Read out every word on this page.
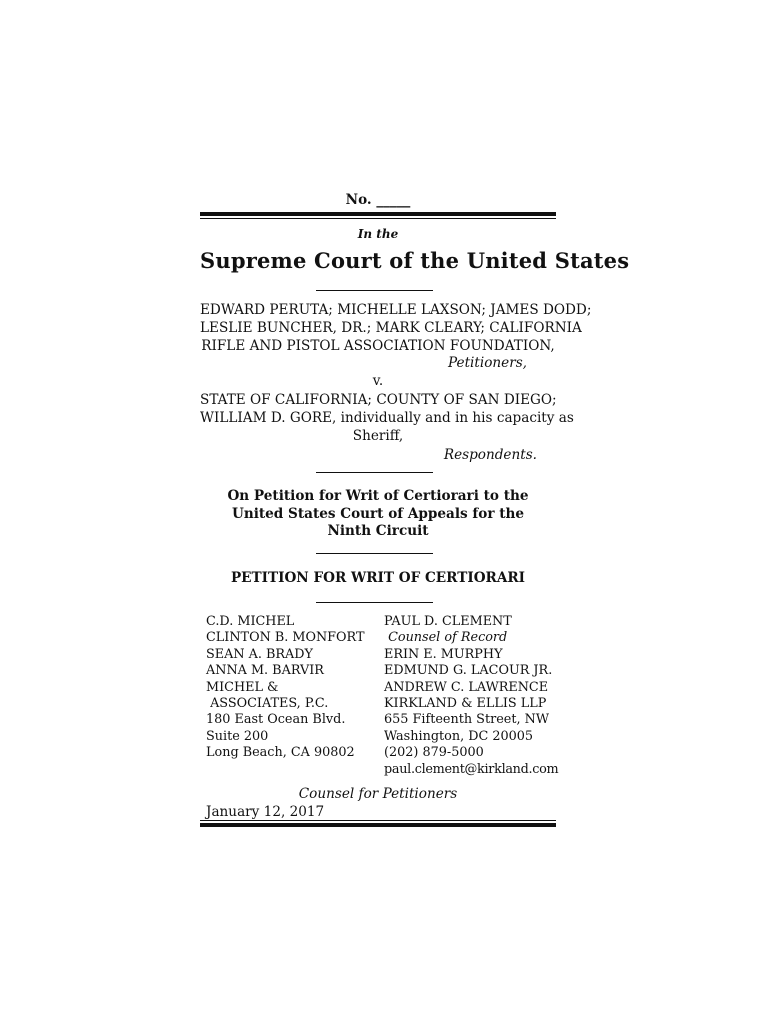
No. _____
In the
Supreme Court of the United States
EDWARD PERUTA; MICHELLE LAXSON; JAMES DODD;
LESLIE BUNCHER, DR.; MARK CLEARY; CALIFORNIA
RIFLE AND PISTOL ASSOCIATION FOUNDATION,
Petitioners,
v.
STATE OF CALIFORNIA; COUNTY OF SAN DIEGO;
WILLIAM D. GORE, individually and in his capacity as
Sheriff,
Respondents.
On Petition for Writ of Certiorari to the
United States Court of Appeals for the
Ninth Circuit
PETITION FOR WRIT OF CERTIORARI
C.D. MICHEL
CLINTON B. MONFORT
SEAN A. BRADY
ANNA M. BARVIR
MICHEL &
ASSOCIATES, P.C.
180 East Ocean Blvd.
Suite 200
Long Beach, CA 90802
PAUL D. CLEMENT
Counsel of Record
ERIN E. MURPHY
EDMUND G. LACOUR JR.
ANDREW C. LAWRENCE
KIRKLAND & ELLIS LLP
655 Fifteenth Street, NW
Washington, DC 20005
(202) 879-5000
paul.clement@kirkland.com
Counsel for Petitioners
January 12, 2017
